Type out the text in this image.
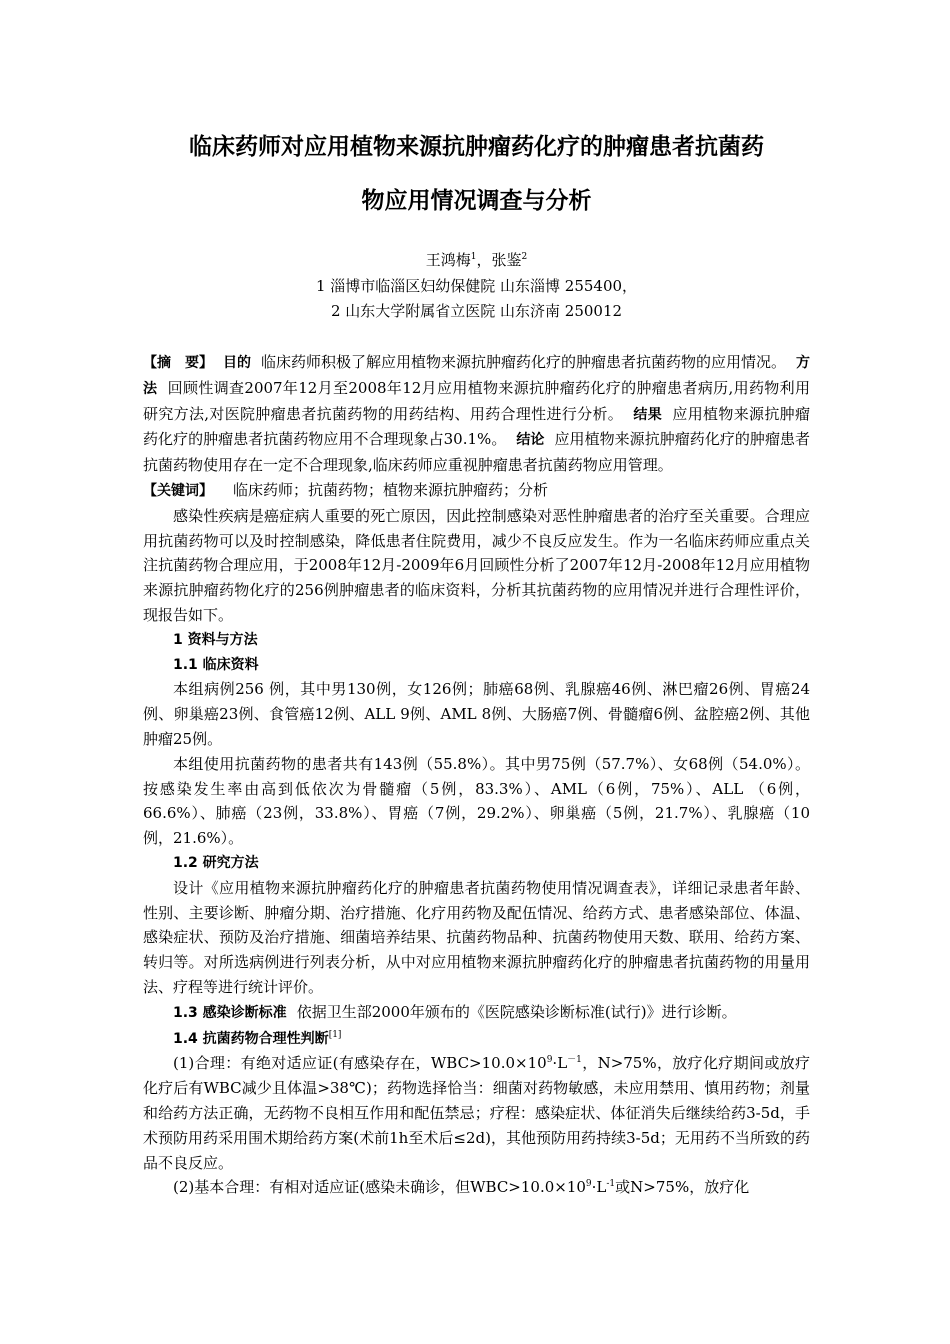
临床药师对应用植物来源抗肿瘤药化疗的肿瘤患者抗菌药
物应用情况调查与分析
王鸿梅$^1$，张鉴$^2$
1 淄博市临淄区妇幼保健院 山东淄博 255400，
2 山东大学附属省立医院 山东济南 250012

【摘　要】 目的 临床药师积极了解应用植物来源抗肿瘤药化疗的肿瘤患者抗菌药物的应用情况。 方法 回顾性调查2007年12月至2008年12月应用植物来源抗肿瘤药化疗的肿瘤患者病历,用药物利用研究方法,对医院肿瘤患者抗菌药物的用药结构、用药合理性进行分析。 结果 应用植物来源抗肿瘤药化疗的肿瘤患者抗菌药物应用不合理现象占30.1%。 结论 应用植物来源抗肿瘤药化疗的肿瘤患者抗菌药物使用存在一定不合理现象,临床药师应重视肿瘤患者抗菌药物应用管理。

【关键词】 临床药师；抗菌药物；植物来源抗肿瘤药；分析

感染性疾病是癌症病人重要的死亡原因，因此控制感染对恶性肿瘤患者的治疗至关重要。合理应用抗菌药物可以及时控制感染，降低患者住院费用，减少不良反应发生。作为一名临床药师应重点关注抗菌药物合理应用，于2008年12月-2009年6月回顾性分析了2007年12月-2008年12月应用植物来源抗肿瘤药物化疗的256例肿瘤患者的临床资料，分析其抗菌药物的应用情况并进行合理性评价，现报告如下。

1 资料与方法

1.1 临床资料

本组病例256 例，其中男130例，女126例；肺癌68例、乳腺癌46例、淋巴瘤26例、胃癌24例、卵巢癌23例、食管癌12例、ALL 9例、AML 8例、大肠癌7例、骨髓瘤6例、盆腔癌2例、其他肿瘤25例。

本组使用抗菌药物的患者共有143例（55.8%）。其中男75例（57.7%）、女68例（54.0%）。按感染发生率由高到低依次为骨髓瘤（5例，83.3%）、AML（6例，75%）、ALL （6例，66.6%）、肺癌（23例，33.8%）、胃癌（7例，29.2%）、卵巢癌（5例，21.7%）、乳腺癌（10例，21.6%）。

1.2 研究方法

设计《应用植物来源抗肿瘤药化疗的肿瘤患者抗菌药物使用情况调查表》，详细记录患者年龄、性别、主要诊断、肿瘤分期、治疗措施、化疗用药物及配伍情况、给药方式、患者感染部位、体温、感染症状、预防及治疗措施、细菌培养结果、抗菌药物品种、抗菌药物使用天数、联用、给药方案、转归等。对所选病例进行列表分析，从中对应用植物来源抗肿瘤药化疗的肿瘤患者抗菌药物的用量用法、疗程等进行统计评价。

1.3 感染诊断标准 依据卫生部2000年颁布的《医院感染诊断标准(试行)》进行诊断。

1.4 抗菌药物合理性判断[1]

(1)合理：有绝对适应证(有感染存在，$WBC>10.0\times 10^9\cdot L^{-1}$，N>75%，放疗化疗期间或放疗化疗后有WBC减少且体温>38℃)；药物选择恰当：细菌对药物敏感，未应用禁用、慎用药物；剂量和给药方法正确，无药物不良相互作用和配伍禁忌；疗程：感染症状、体征消失后继续给药3-5d，手术预防用药采用围术期给药方案(术前1h至术后≤2d)，其他预防用药持续3-5d；无用药不当所致的药品不良反应。

(2)基本合理：有相对适应证(感染未确诊，但$WBC>10.0\times 10^9\cdot L^{-1}$或N>75%，放疗化
